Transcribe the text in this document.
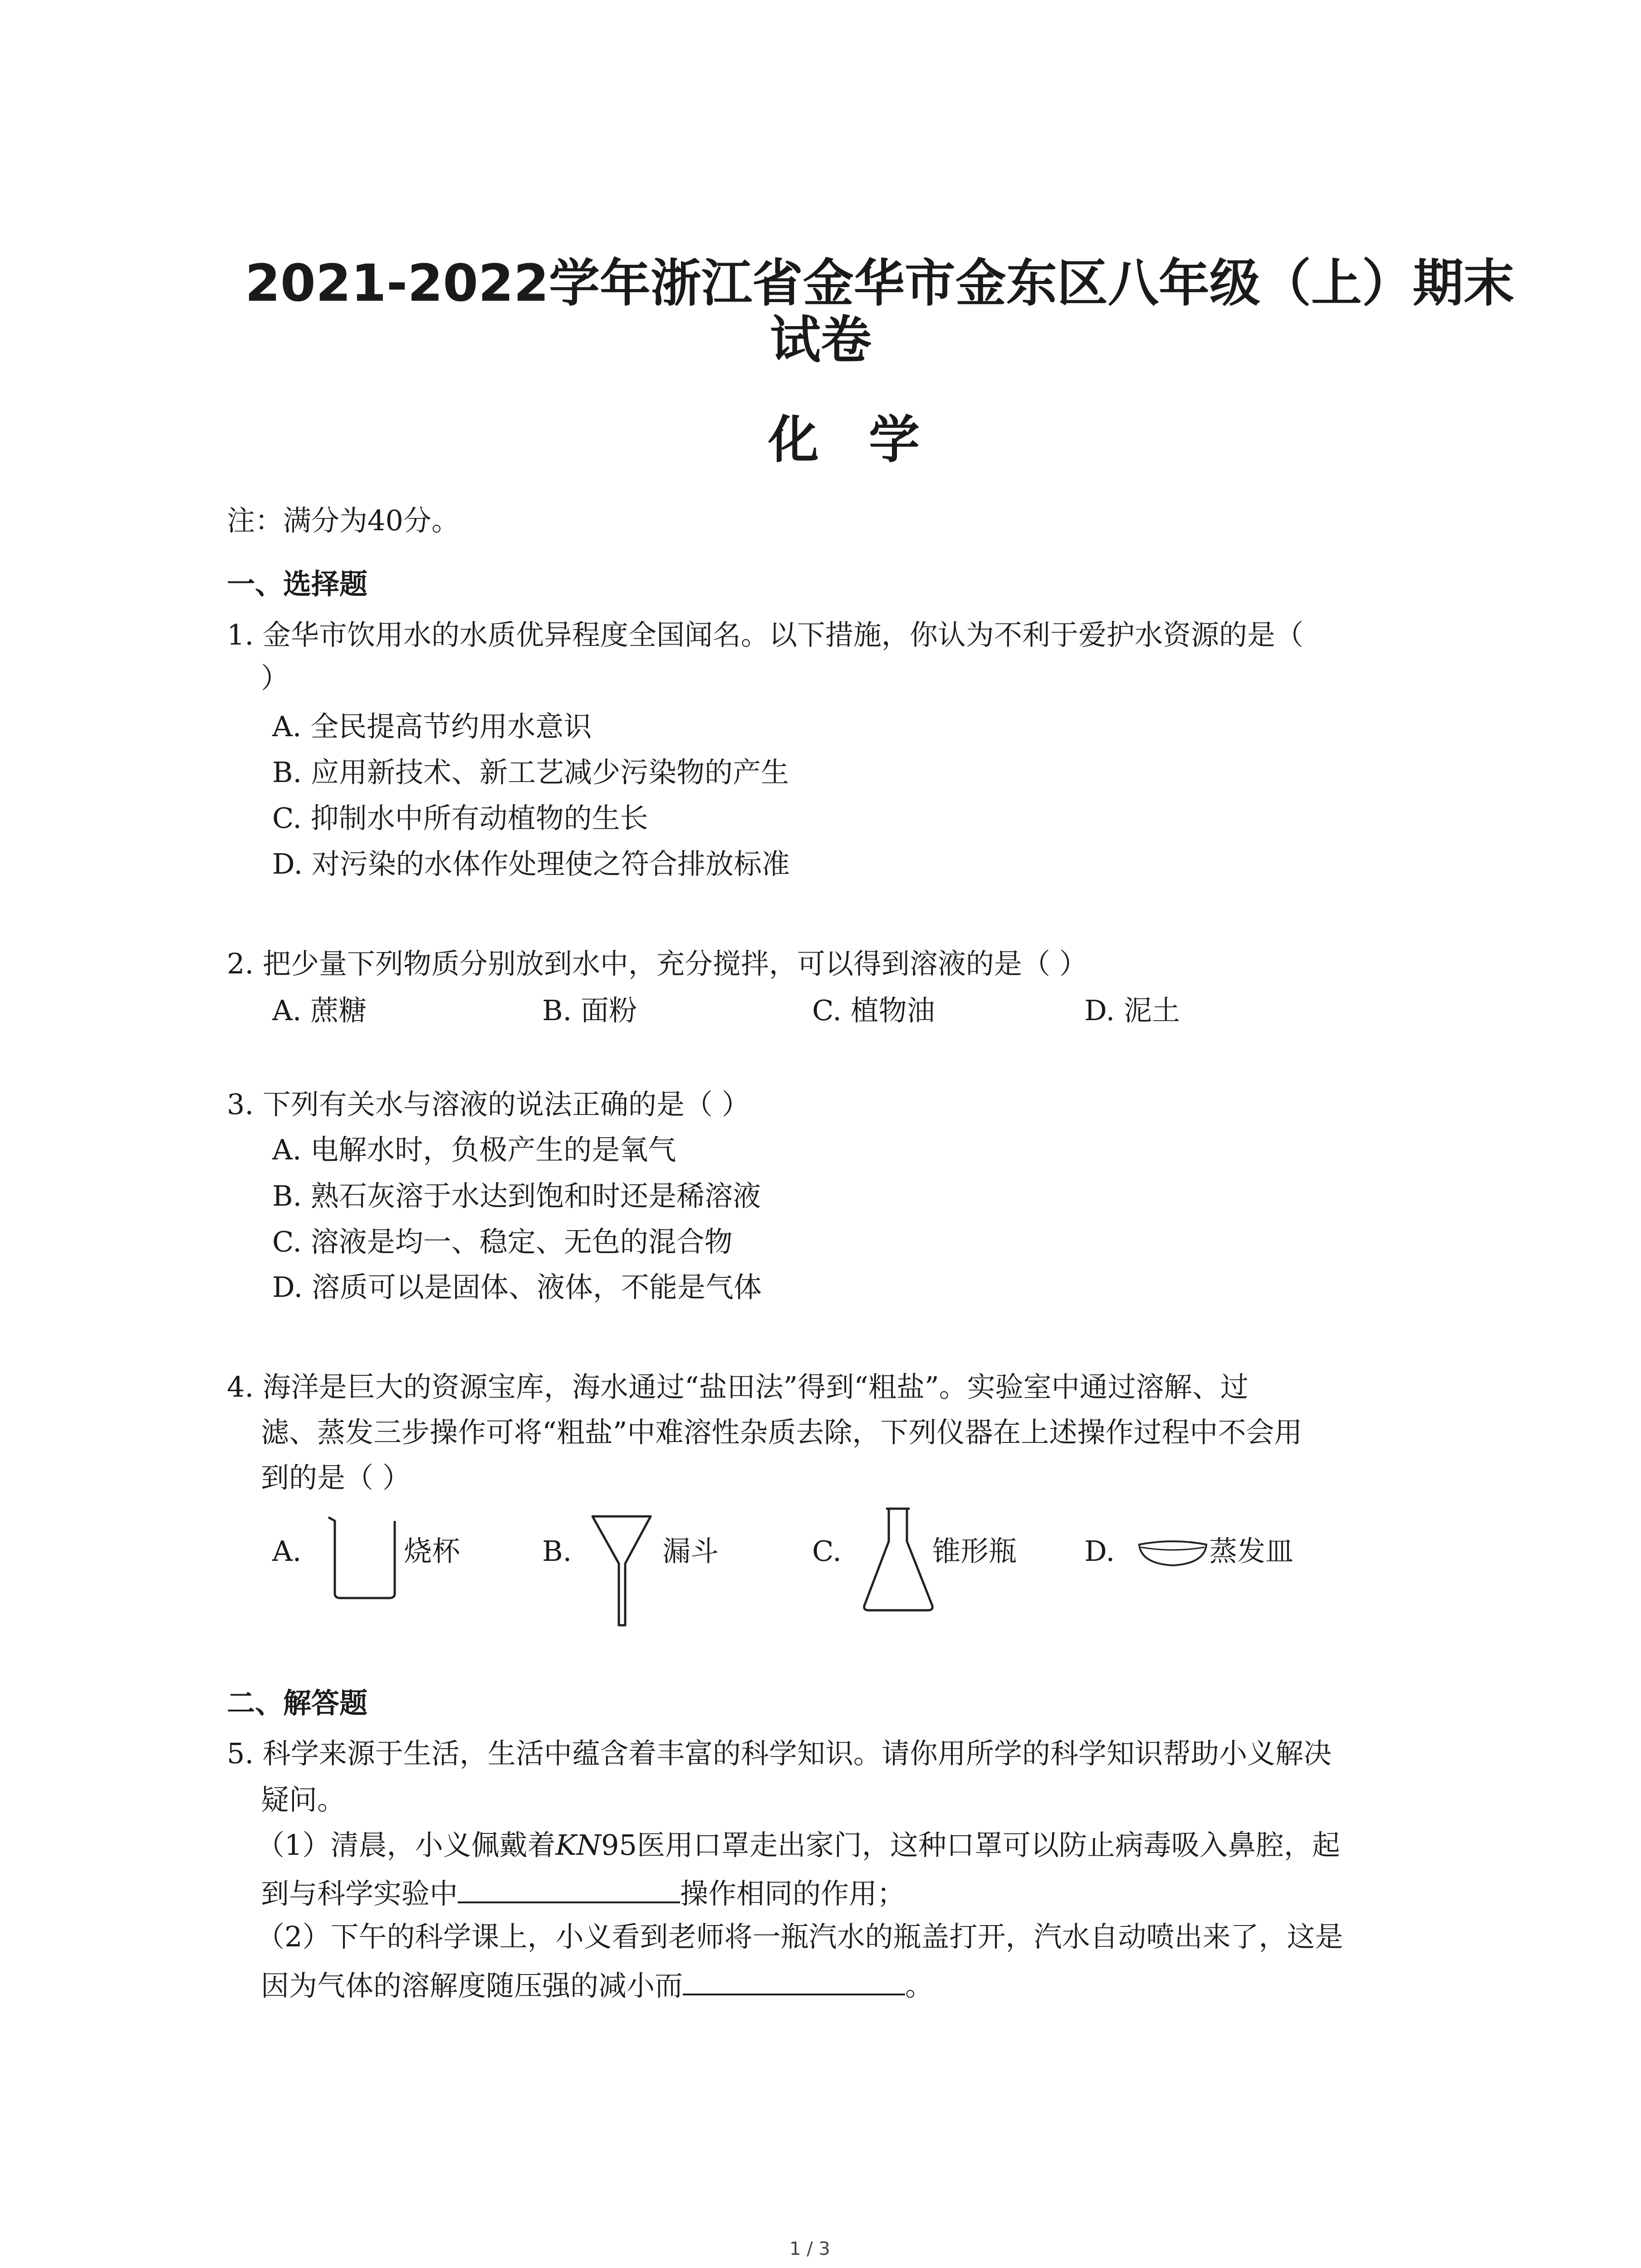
2021-2022学年浙江省金华市金东区八年级（上）期末
试卷
化学
注：满分为40分。
一、选择题
1. 金华市饮用水的水质优异程度全国闻名。以下措施，你认为不利于爱护水资源的是（
）
A. 全民提高节约用水意识
B. 应用新技术、新工艺减少污染物的产生
C. 抑制水中所有动植物的生长
D. 对污染的水体作处理使之符合排放标准
2. 把少量下列物质分别放到水中，充分搅拌，可以得到溶液的是（ ）
A. 蔗糖	B. 面粉	C. 植物油	D. 泥土
3. 下列有关水与溶液的说法正确的是（ ）
A. 电解水时，负极产生的是氧气
B. 熟石灰溶于水达到饱和时还是稀溶液
C. 溶液是均一、稳定、无色的混合物
D. 溶质可以是固体、液体，不能是气体
4. 海洋是巨大的资源宝库，海水通过“盐田法”得到“粗盐”。实验室中通过溶解、过
滤、蒸发三步操作可将“粗盐”中难溶性杂质去除，下列仪器在上述操作过程中不会用
到的是（ ）
A.	烧杯	B.	漏斗	C.	锥形瓶 D.	蒸发皿
二、解答题
5. 科学来源于生活，生活中蕴含着丰富的科学知识。请你用所学的科学知识帮助小义解决
疑问。
（1）清晨，小义佩戴着KN95医用口罩走出家门，这种口罩可以防止病毒吸入鼻腔，起
到与科学实验中	操作相同的作用；
（2）下午的科学课上，小义看到老师将一瓶汽水的瓶盖打开，汽水自动喷出来了，这是
因为气体的溶解度随压强的减小而	。
1 / 3
